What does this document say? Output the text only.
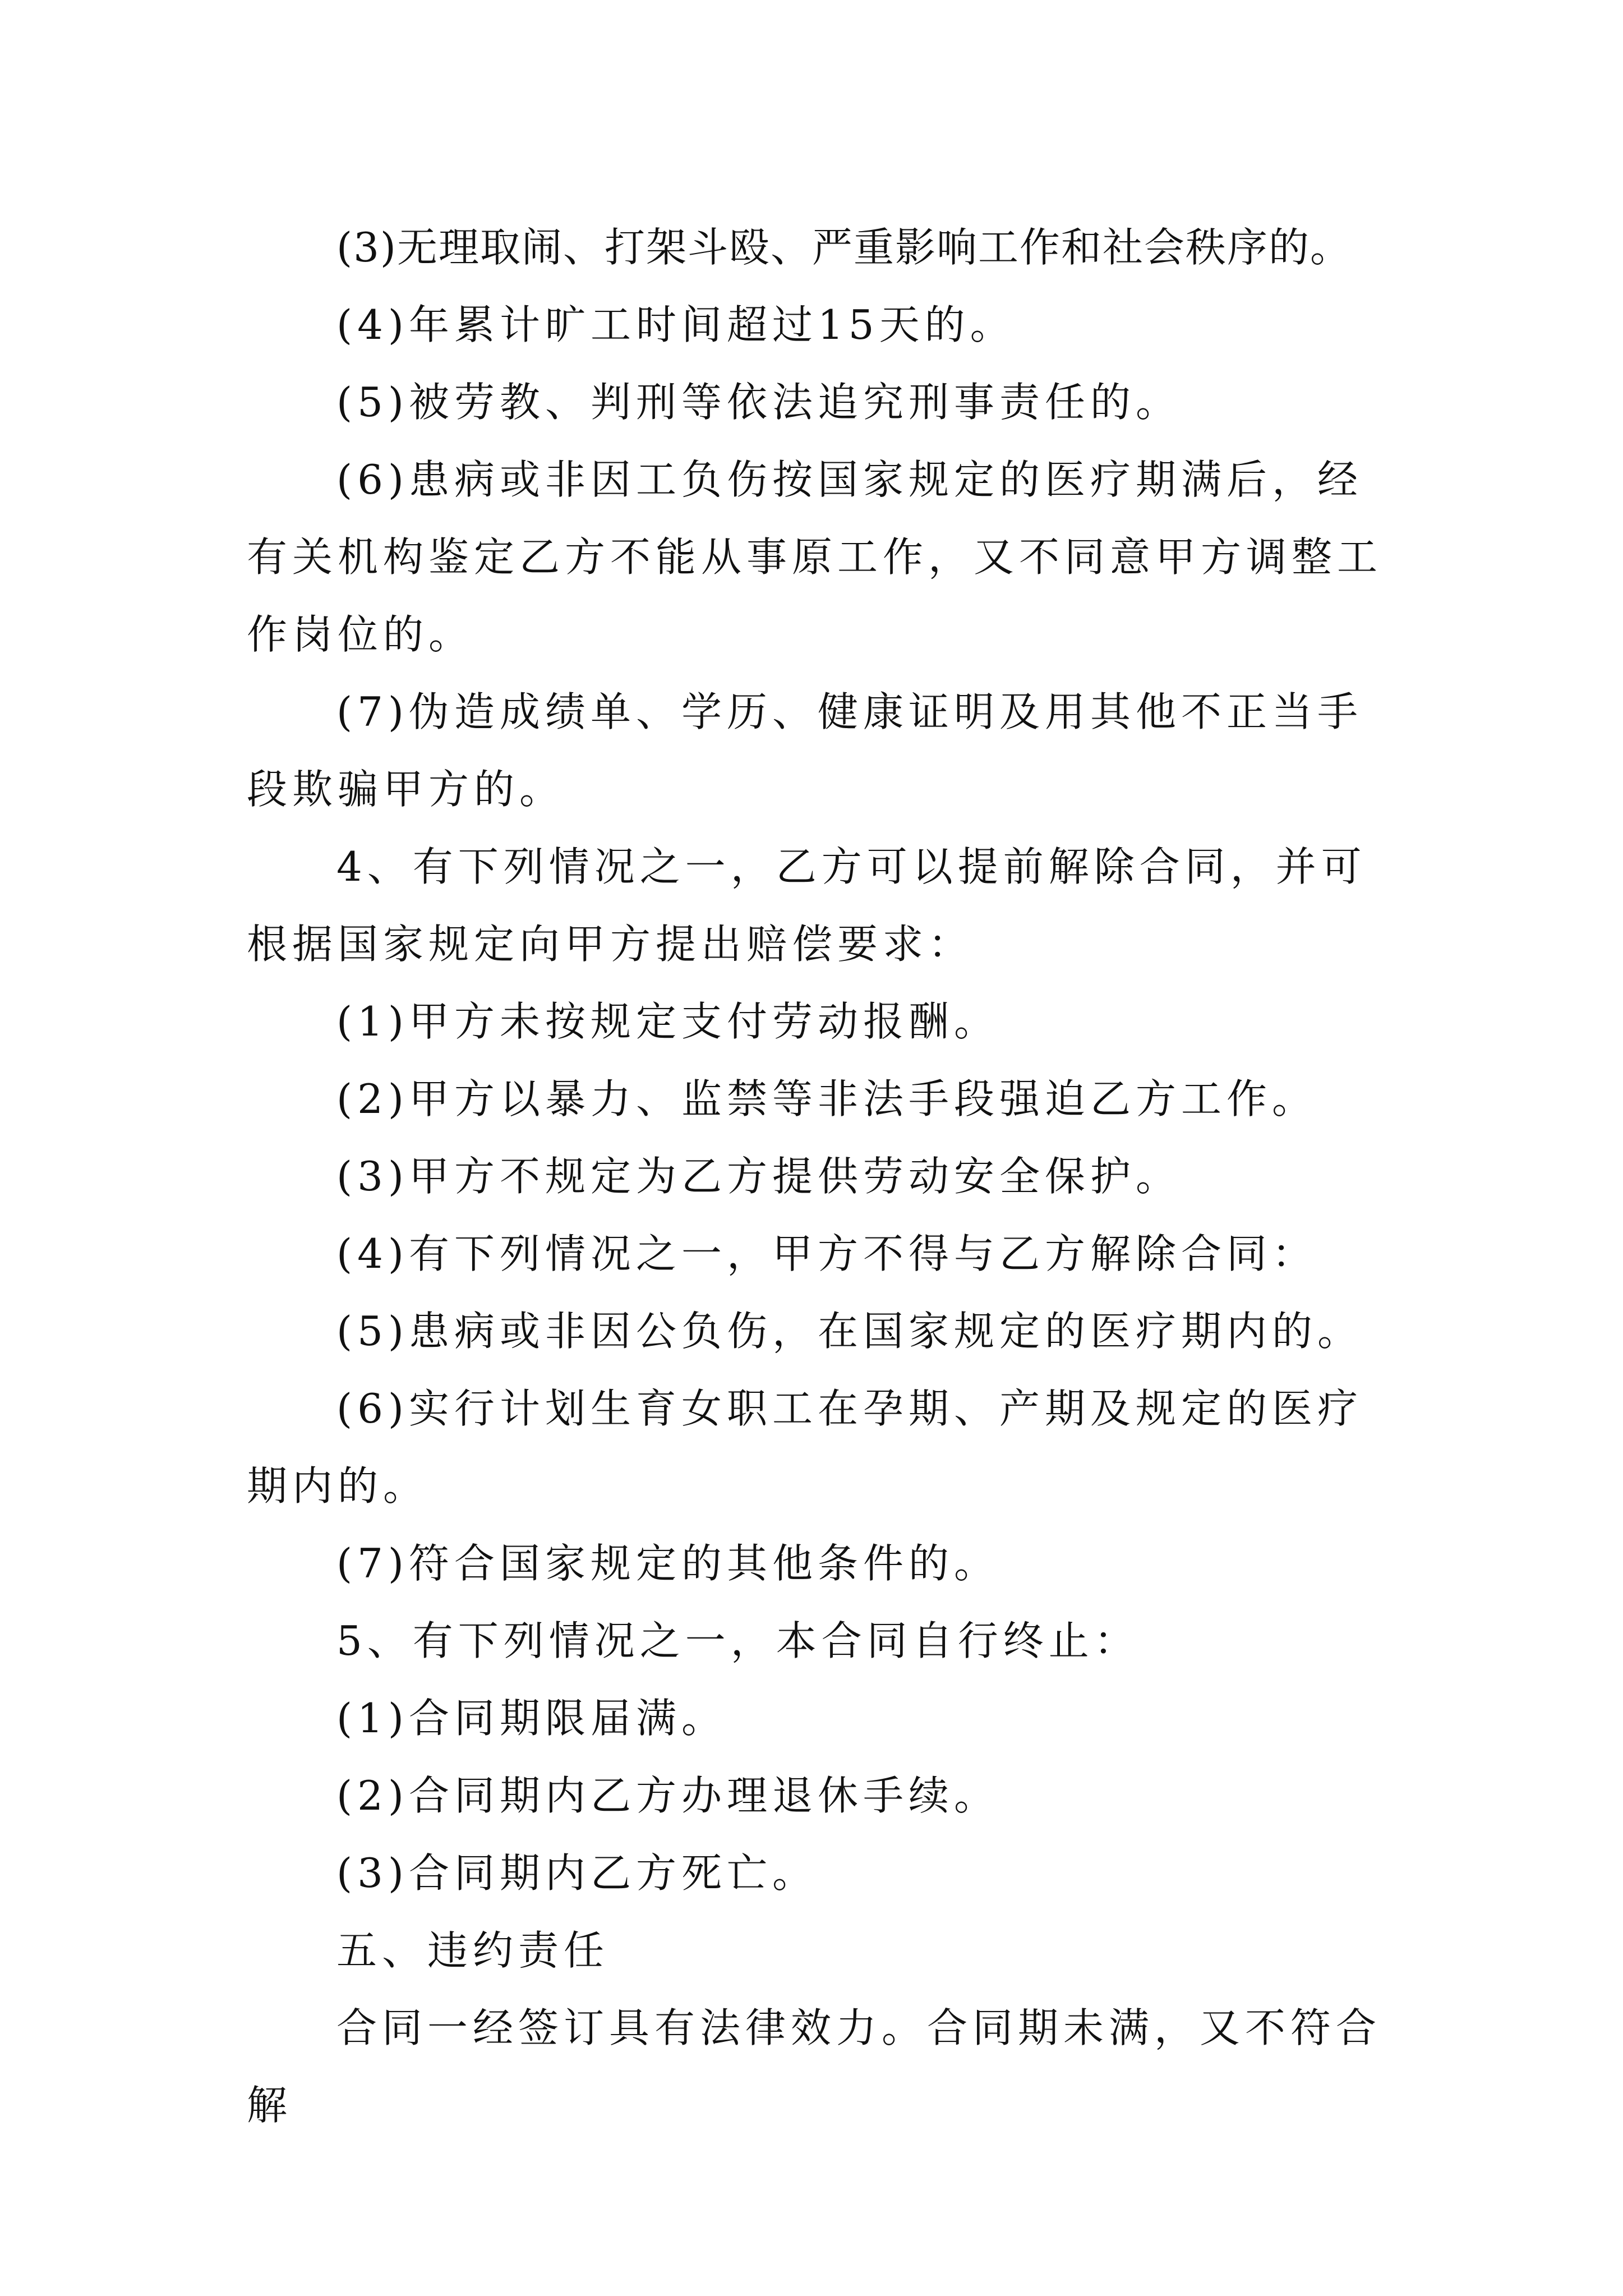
(3)无理取闹、打架斗殴、严重影响工作和社会秩序的。

(4)年累计旷工时间超过15天的。

(5)被劳教、判刑等依法追究刑事责任的。

(6)患病或非因工负伤按国家规定的医疗期满后，经有关机构鉴定乙方不能从事原工作，又不同意甲方调整工作岗位的。

(7)伪造成绩单、学历、健康证明及用其他不正当手段欺骗甲方的。

4、有下列情况之一，乙方可以提前解除合同，并可根据国家规定向甲方提出赔偿要求：

(1)甲方未按规定支付劳动报酬。

(2)甲方以暴力、监禁等非法手段强迫乙方工作。

(3)甲方不规定为乙方提供劳动安全保护。

(4)有下列情况之一，甲方不得与乙方解除合同：

(5)患病或非因公负伤，在国家规定的医疗期内的。

(6)实行计划生育女职工在孕期、产期及规定的医疗期内的。

(7)符合国家规定的其他条件的。

5、有下列情况之一，本合同自行终止：

(1)合同期限届满。

(2)合同期内乙方办理退休手续。

(3)合同期内乙方死亡。

五、违约责任

合同一经签订具有法律效力。合同期未满，又不符合解
